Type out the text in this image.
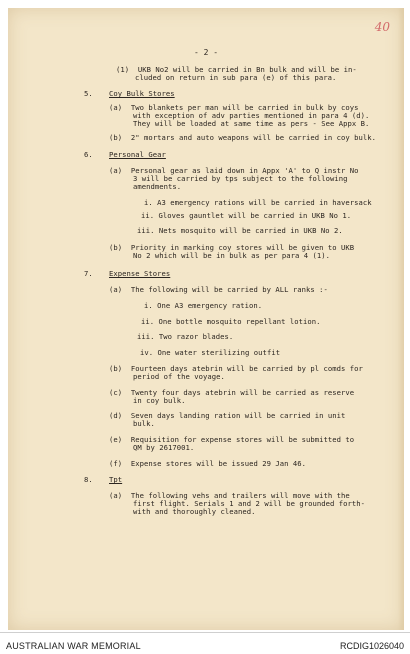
40
- 2 -
(1)  UKB No2 will be carried in Bn bulk and will be in-
cluded on return in sub para (e) of this para.
5. Coy Bulk Stores
(a)  Two blankets per man will be carried in bulk by coys
with exception of adv parties mentioned in para 4 (d).
They will be loaded at same time as pers - See Appx B.
(b)  2" mortars and auto weapons will be carried in coy bulk.
6. Personal Gear
(a)  Personal gear as laid down in Appx 'A' to Q instr No
3 will be carried by tps subject to the following
amendments.
i. A3 emergency rations will be carried in haversack
ii. Gloves gauntlet will be carried in UKB No 1.
iii. Nets mosquito will be carried in UKB No 2.
(b)  Priority in marking coy stores will be given to UKB
No 2 which will be in bulk as per para 4 (1).
7. Expense Stores
(a)  The following will be carried by ALL ranks :-
i. One A3 emergency ration.
ii. One bottle mosquito repellant lotion.
iii. Two razor blades.
iv. One water sterilizing outfit
(b)  Fourteen days atebrin will be carried by pl comds for
period of the voyage.
(c)  Twenty four days atebrin will be carried as reserve
in coy bulk.
(d)  Seven days landing ration will be carried in unit
bulk.
(e)  Requisition for expense stores will be submitted to
QM by 2617001.
(f)  Expense stores will be issued 29 Jan 46.
8. Tpt
(a)  The following vehs and trailers will move with the
first flight. Serials 1 and 2 will be grounded forth-
with and thoroughly cleaned.
AUSTRALIAN WAR MEMORIAL	RCDIG1026040
